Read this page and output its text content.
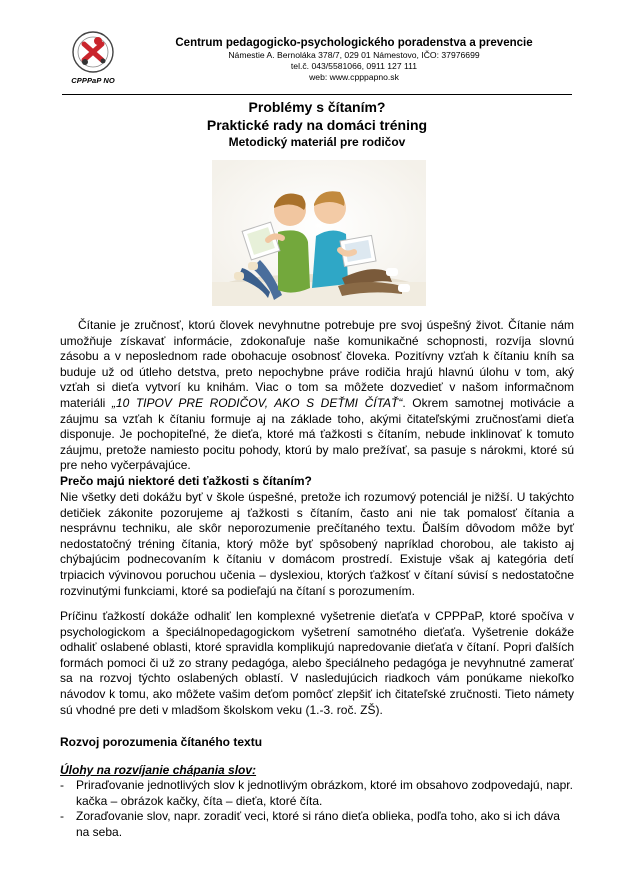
CPPPaP NO
Centrum pedagogicko-psychologického poradenstva a prevencie
Námestie A. Bernoláka 378/7, 029 01 Námestovo, IČO: 37976699
tel.č. 043/5581066, 0911 127 111
web: www.cpppapno.sk
Problémy s čítaním?
Praktické rady na domáci tréning
Metodický materiál pre rodičov

Čítanie je zručnosť, ktorú človek nevyhnutne potrebuje pre svoj úspešný život. Čítanie nám umožňuje získavať informácie, zdokonaľuje naše komunikačné schopnosti, rozvíja slovnú zásobu a v neposlednom rade obohacuje osobnosť človeka. Pozitívny vzťah k čítaniu kníh sa buduje už od útleho detstva, preto nepochybne práve rodičia hrajú hlavnú úlohu v tom, aký vzťah si dieťa vytvorí ku knihám. Viac o tom sa môžete dozvedieť v našom informačnom materiáli „10 TIPOV PRE RODIČOV, AKO S DEŤMI ČÍTAŤ“. Okrem samotnej motivácie a záujmu sa vzťah k čítaniu formuje aj na základe toho, akými čitateľskými zručnosťami dieťa disponuje. Je pochopiteľné, že dieťa, ktoré má ťažkosti s čítaním, nebude inklinovať k tomuto záujmu, pretože namiesto pocitu pohody, ktorú by malo prežívať, sa pasuje s nárokmi, ktoré sú pre neho vyčerpávajúce.

Prečo majú niektoré deti ťažkosti s čítaním?

Nie všetky deti dokážu byť v škole úspešné, pretože ich rozumový potenciál je nižší. U takýchto detičiek zákonite pozorujeme aj ťažkosti s čítaním, často ani nie tak pomalosť čítania a nesprávnu techniku, ale skôr neporozumenie prečítaného textu. Ďalším dôvodom môže byť nedostatočný tréning čítania, ktorý môže byť spôsobený napríklad chorobou, ale takisto aj chýbajúcim podnecovaním k čítaniu v domácom prostredí. Existuje však aj kategória detí trpiacich vývinovou poruchou učenia – dyslexiou, ktorých ťažkosť v čítaní súvisí s nedostatočne rozvinutými funkciami, ktoré sa podieľajú na čítaní s porozumením.

Príčinu ťažkostí dokáže odhaliť len komplexné vyšetrenie dieťaťa v CPPPaP, ktoré spočíva v psychologickom a špeciálnopedagogickom vyšetrení samotného dieťaťa. Vyšetrenie dokáže odhaliť oslabené oblasti, ktoré spravidla komplikujú napredovanie dieťaťa v čítaní. Popri ďalších formách pomoci či už zo strany pedagóga, alebo špeciálneho pedagóga je nevyhnutné zamerať sa na rozvoj týchto oslabených oblastí. V nasledujúcich riadkoch vám ponúkame niekoľko návodov k tomu, ako môžete vašim deťom pomôcť zlepšiť ich čitateľské zručnosti. Tieto námety sú vhodné pre deti v mladšom školskom veku (1.-3. roč. ZŠ).

Rozvoj porozumenia čítaného textu
Úlohy na rozvíjanie chápania slov:
- Priraďovanie jednotlivých slov k jednotlivým obrázkom, ktoré im obsahovo zodpovedajú, napr. kačka – obrázok kačky, číta – dieťa, ktoré číta.
- Zoraďovanie slov, napr. zoradiť veci, ktoré si ráno dieťa oblieka, podľa toho, ako si ich dáva na seba.
